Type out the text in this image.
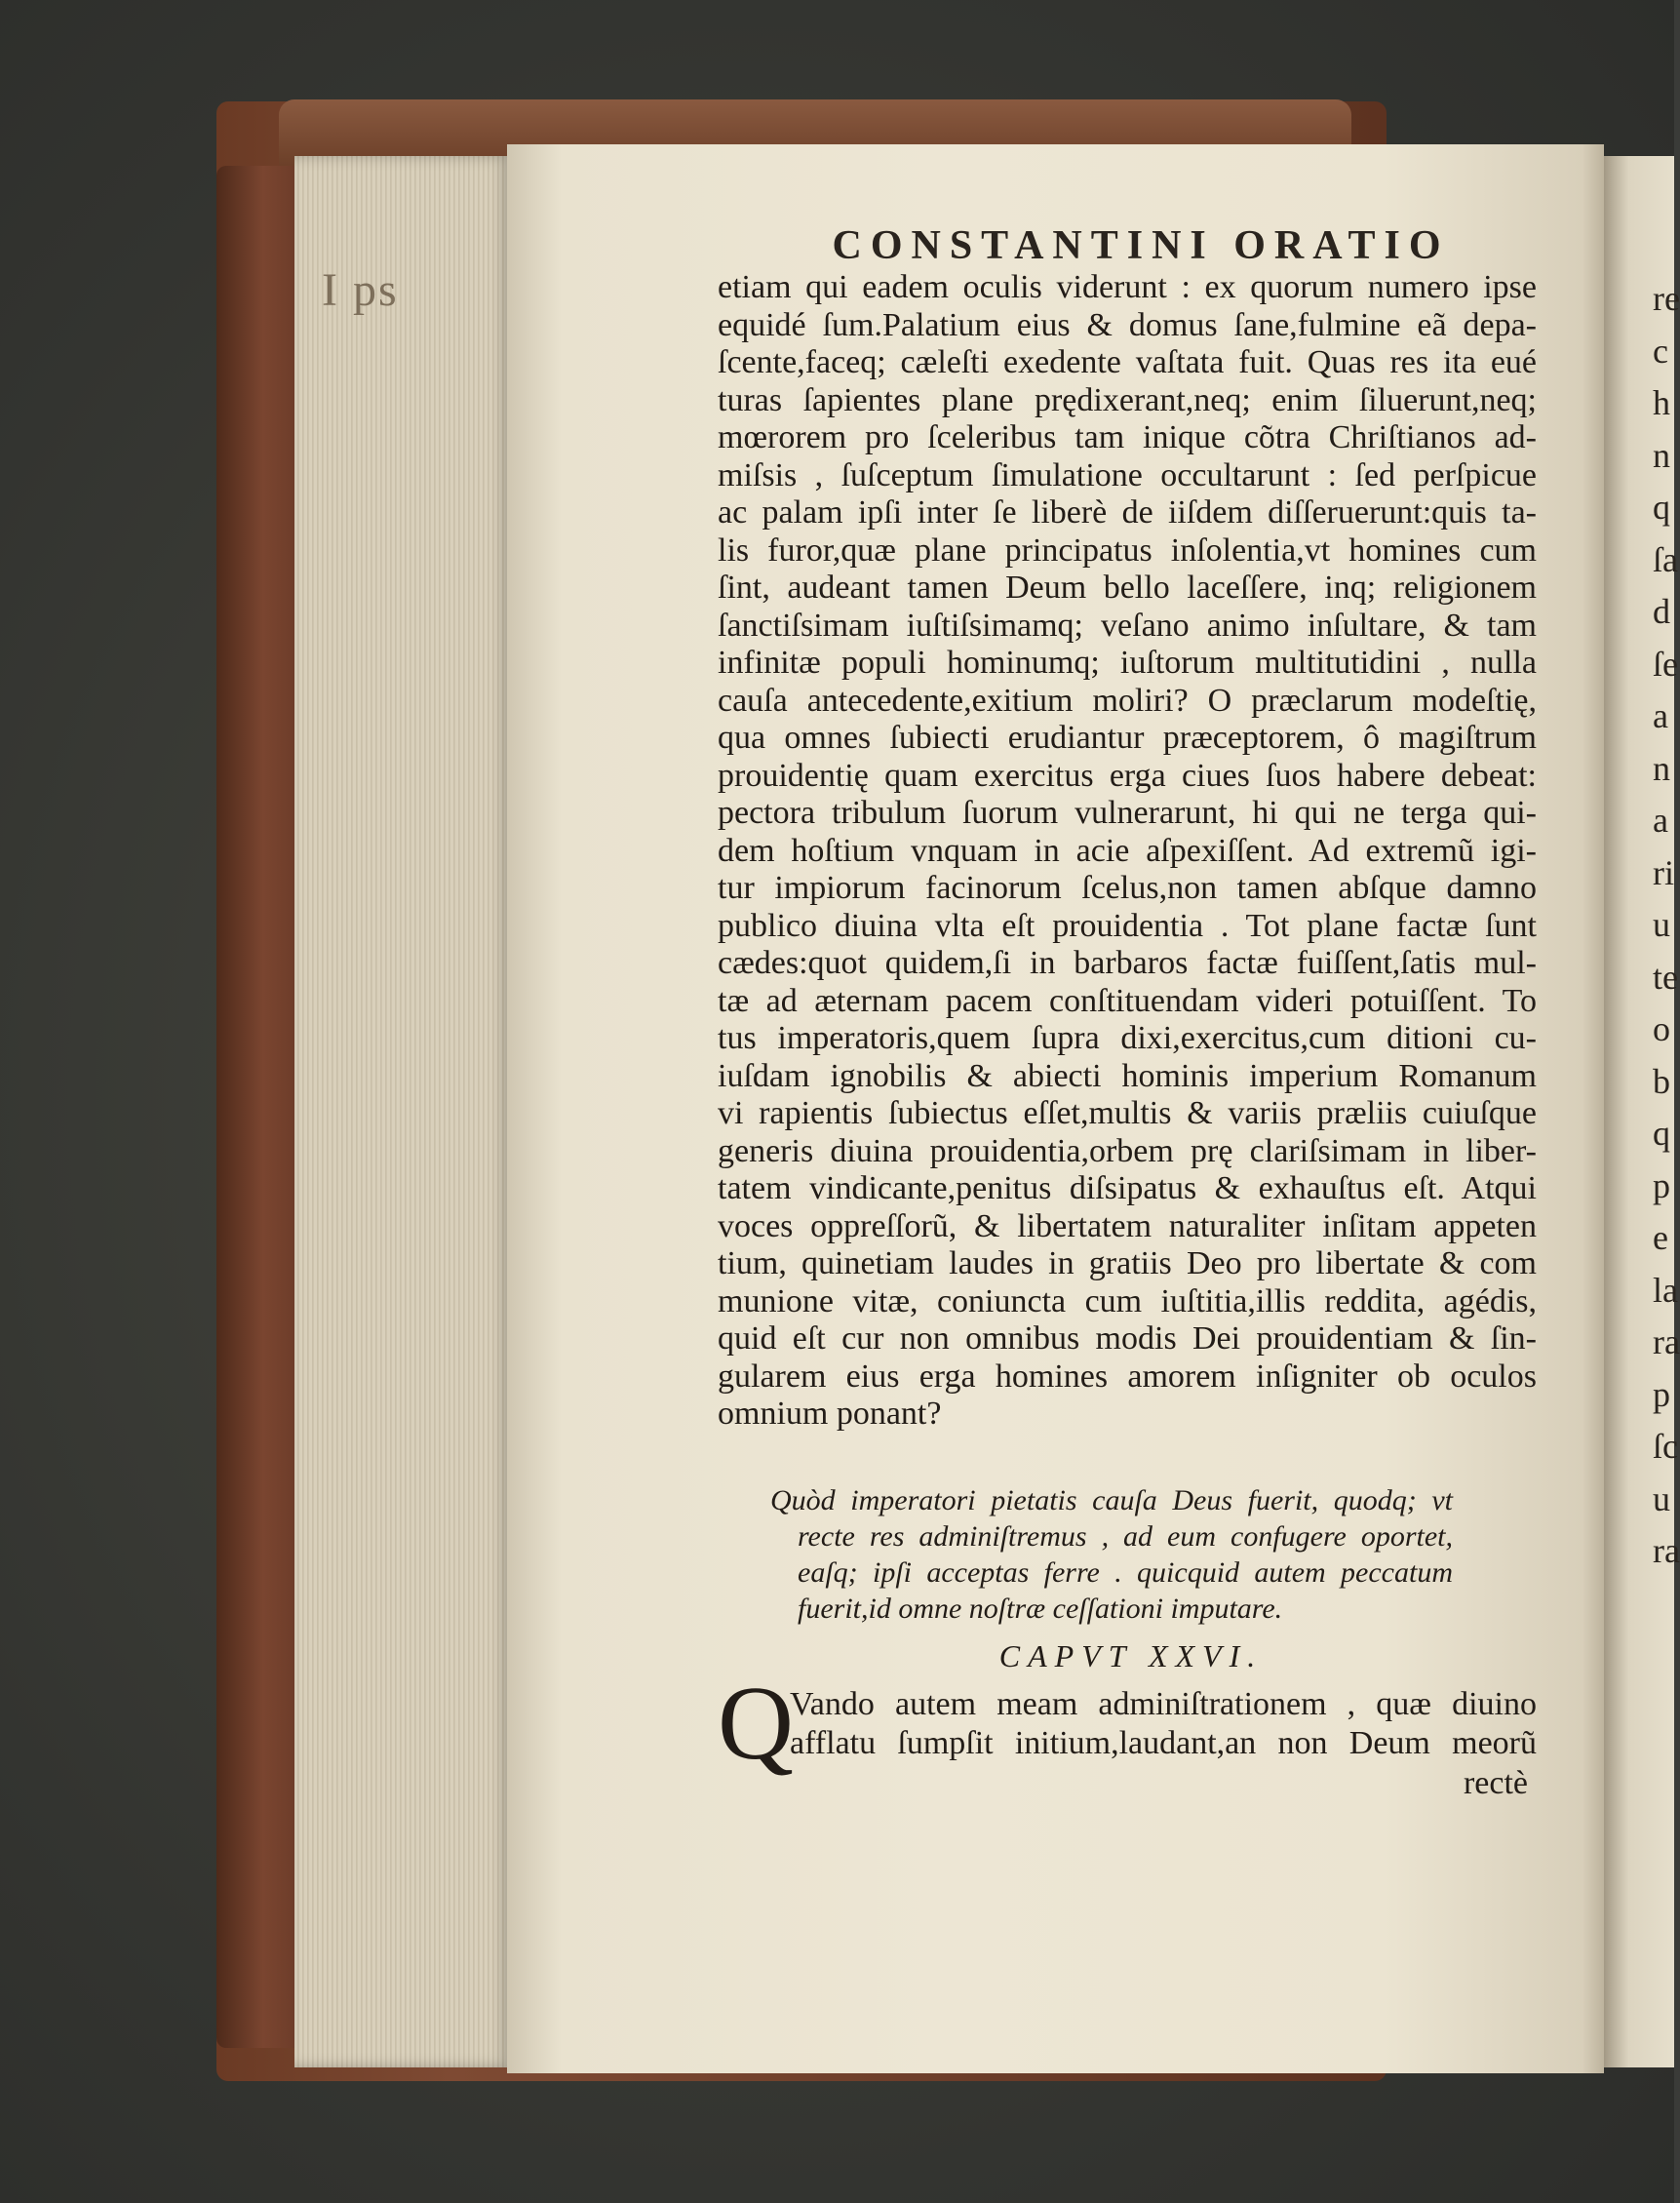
I ps	re
c
h
n
q
ſa
d
ſe
a
n
a
ri
u
te
o
b
q
p
e
la
ra
p
ſc
u
ra
CONSTANTINI ORATIO
etiam qui eadem oculis viderunt : ex quorum numero ipse
equidé ſum.Palatium eius & domus ſane,fulmine eã depa-
ſcente,faceq; cæleſti exedente vaſtata fuit. Quas res ita eué
turas ſapientes plane prędixerant,neq; enim ſiluerunt,neq;
mœrorem pro ſceleribus tam inique cõtra Chriſtianos ad-
miſsis , ſuſceptum ſimulatione occultarunt : ſed perſpicue
ac palam ipſi inter ſe liberè de iiſdem diſſeruerunt:quis ta-
lis furor,quæ plane principatus inſolentia,vt homines cum
ſint, audeant tamen Deum bello laceſſere, inq; religionem
ſanctiſsimam iuſtiſsimamq; veſano animo inſultare, & tam
infinitæ populi hominumq; iuſtorum multitutidini , nulla
cauſa antecedente,exitium moliri? O præclarum modeſtię,
qua omnes ſubiecti erudiantur præceptorem, ô magiſtrum
prouidentię quam exercitus erga ciues ſuos habere debeat:
pectora tribulum ſuorum vulnerarunt, hi qui ne terga qui-
dem hoſtium vnquam in acie aſpexiſſent. Ad extremũ igi-
tur impiorum facinorum ſcelus,non tamen abſque damno
publico diuina vlta eſt prouidentia . Tot plane factæ ſunt
cædes:quot quidem,ſi in barbaros factæ fuiſſent,ſatis mul-
tæ ad æternam pacem conſtituendam videri potuiſſent. To
tus imperatoris,quem ſupra dixi,exercitus,cum ditioni cu-
iuſdam ignobilis & abiecti hominis imperium Romanum
vi rapientis ſubiectus eſſet,multis & variis præliis cuiuſque
generis diuina prouidentia,orbem prę clariſsimam in liber-
tatem vindicante,penitus diſsipatus & exhauſtus eſt. Atqui
voces oppreſſorũ, & libertatem naturaliter inſitam appeten
tium, quinetiam laudes in gratiis Deo pro libertate & com
munione vitæ, coniuncta cum iuſtitia,illis reddita, agédis,
quid eſt cur non omnibus modis Dei prouidentiam & ſin-
gularem eius erga homines amorem inſigniter ob oculos
omnium ponant?
Quòd imperatori pietatis cauſa Deus fuerit, quodq; vt
recte res adminiſtremus , ad eum confugere oportet,
eaſq; ipſi acceptas ferre . quicquid autem peccatum
fuerit,id omne noſtræ ceſſationi imputare.
CAPVT XXVI.
Q
Vando autem meam adminiſtrationem , quæ diuino
afflatu ſumpſit initium,laudant,an non Deum meorũ
rectè
